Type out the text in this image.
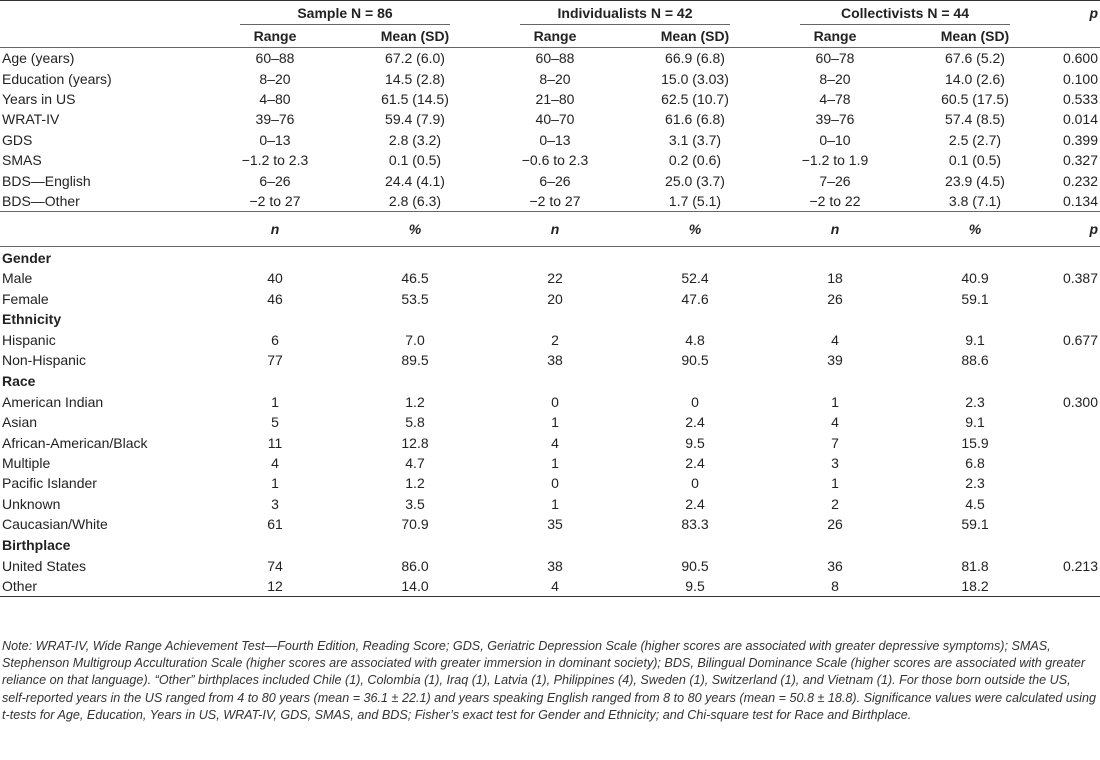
	Sample N = 86		Individualists N = 42		Collectivists N = 44		p
	Range	Mean (SD)	Range	Mean (SD)	Range	Mean (SD)	
Age (years)	60–88	67.2 (6.0)	60–88	66.9 (6.8)	60–78	67.6 (5.2)	0.600
Education (years)	8–20	14.5 (2.8)	8–20	15.0 (3.03)	8–20	14.0 (2.6)	0.100
Years in US	4–80	61.5 (14.5)	21–80	62.5 (10.7)	4–78	60.5 (17.5)	0.533
WRAT-IV	39–76	59.4 (7.9)	40–70	61.6 (6.8)	39–76	57.4 (8.5)	0.014
GDS	0–13	2.8 (3.2)	0–13	3.1 (3.7)	0–10	2.5 (2.7)	0.399
SMAS	−1.2 to 2.3	0.1 (0.5)	−0.6 to 2.3	0.2 (0.6)	−1.2 to 1.9	0.1 (0.5)	0.327
BDS—English	6–26	24.4 (4.1)	6–26	25.0 (3.7)	7–26	23.9 (4.5)	0.232
BDS—Other	−2 to 27	2.8 (6.3)	−2 to 27	1.7 (5.1)	−2 to 22	3.8 (7.1)	0.134
	n	%	n	%	n	%	p
Gender							
Male	40	46.5	22	52.4	18	40.9	0.387
Female	46	53.5	20	47.6	26	59.1	
Ethnicity							
Hispanic	6	7.0	2	4.8	4	9.1	0.677
Non-Hispanic	77	89.5	38	90.5	39	88.6	
Race							
American Indian	1	1.2	0	0	1	2.3	0.300
Asian	5	5.8	1	2.4	4	9.1	
African-American/Black	11	12.8	4	9.5	7	15.9	
Multiple	4	4.7	1	2.4	3	6.8	
Pacific Islander	1	1.2	0	0	1	2.3	
Unknown	3	3.5	1	2.4	2	4.5	
Caucasian/White	61	70.9	35	83.3	26	59.1	
Birthplace							
United States	74	86.0	38	90.5	36	81.8	0.213
Other	12	14.0	4	9.5	8	18.2	

Note: WRAT-IV, Wide Range Achievement Test—Fourth Edition, Reading Score; GDS, Geriatric Depression Scale (higher scores are associated with greater depressive symptoms); SMAS, Stephenson Multigroup Acculturation Scale (higher scores are associated with greater immersion in dominant society); BDS, Bilingual Dominance Scale (higher scores are associated with greater reliance on that language). “Other” birthplaces included Chile (1), Colombia (1), Iraq (1), Latvia (1), Philippines (4), Sweden (1), Switzerland (1), and Vietnam (1). For those born outside the US, self-reported years in the US ranged from 4 to 80 years (mean = 36.1 ± 22.1) and years speaking English ranged from 8 to 80 years (mean = 50.8 ± 18.8). Significance values were calculated using t-tests for Age, Education, Years in US, WRAT-IV, GDS, SMAS, and BDS; Fisher’s exact test for Gender and Ethnicity; and Chi-square test for Race and Birthplace.
